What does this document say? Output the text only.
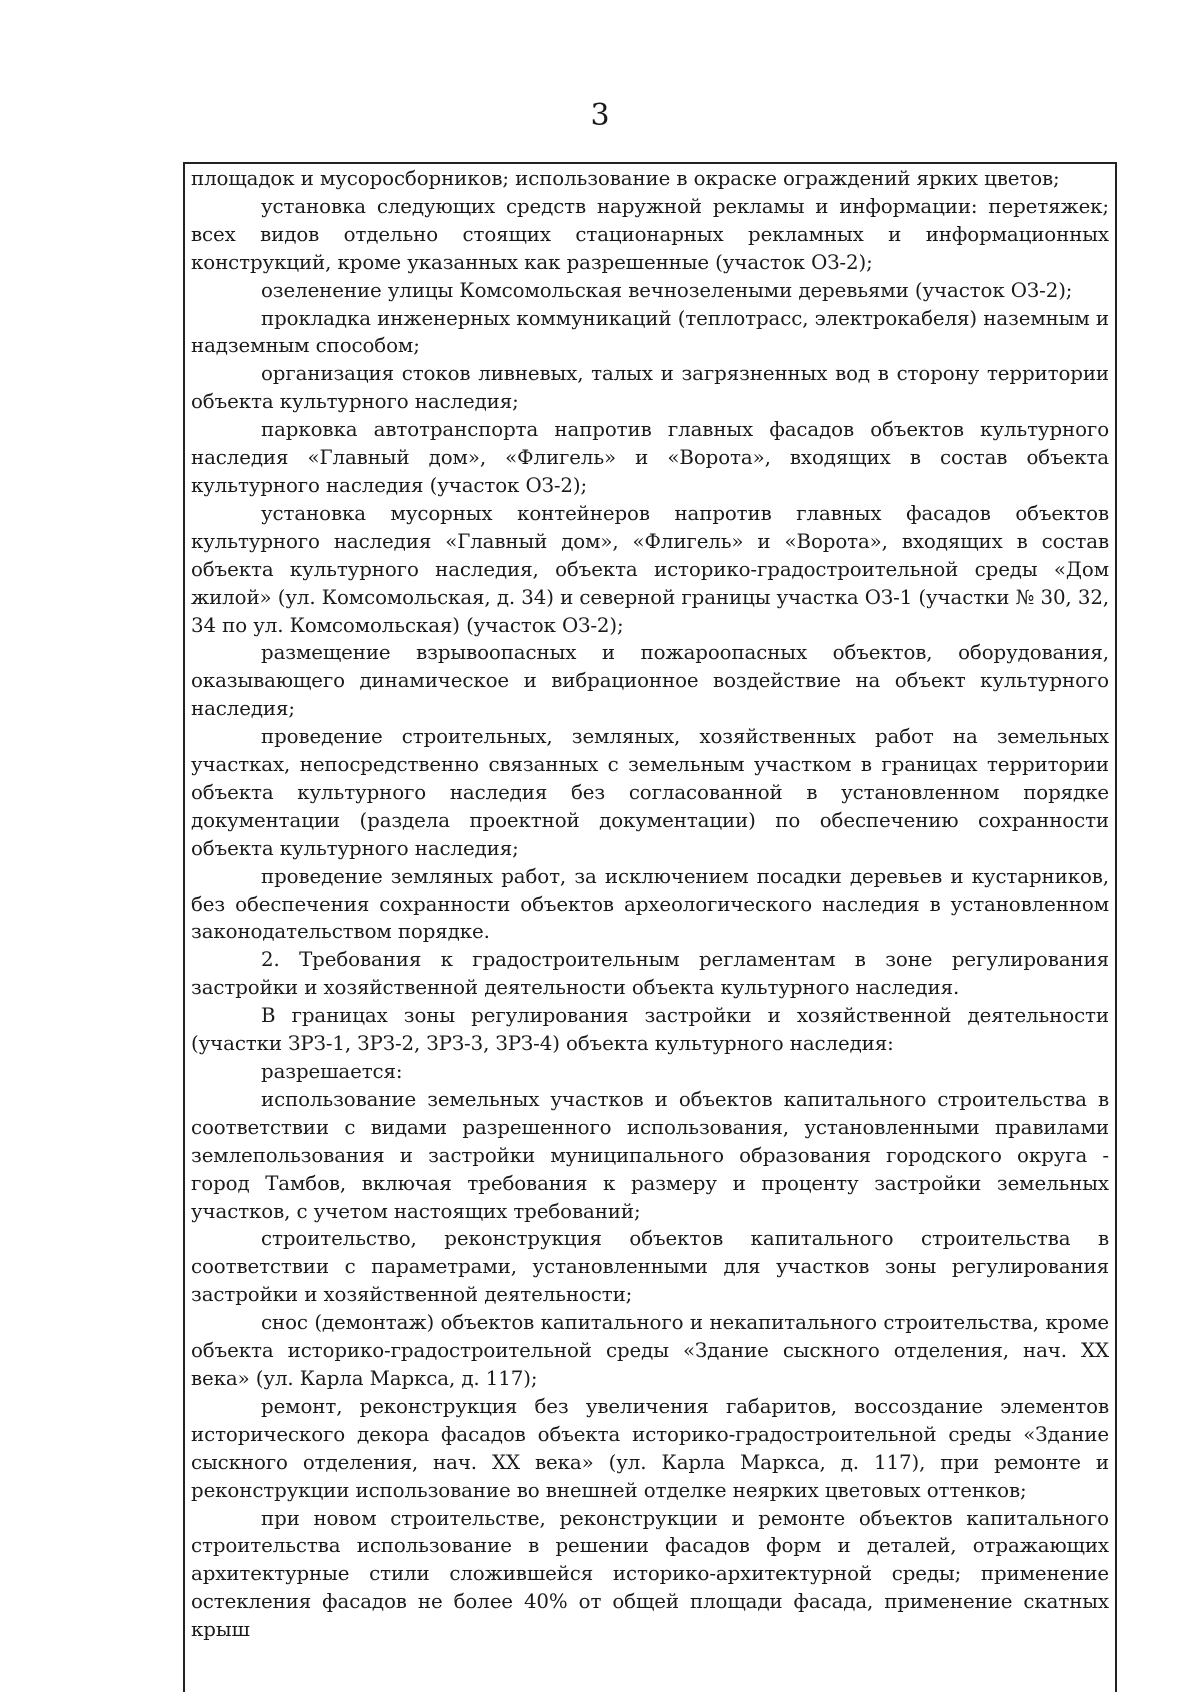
3

площадок и мусоросборников; использование в окраске ограждений ярких цветов;

установка следующих средств наружной рекламы и информации: перетяжек; всех видов отдельно стоящих стационарных рекламных и информационных конструкций, кроме указанных как разрешенные (участок ОЗ-2);

озеленение улицы Комсомольская вечнозелеными деревьями (участок ОЗ-2);

прокладка инженерных коммуникаций (теплотрасс, электрокабеля) наземным и надземным способом;

организация стоков ливневых, талых и загрязненных вод в сторону территории объекта культурного наследия;

парковка автотранспорта напротив главных фасадов объектов культурного наследия «Главный дом», «Флигель» и «Ворота», входящих в состав объекта культурного наследия (участок ОЗ-2);

установка мусорных контейнеров напротив главных фасадов объектов культурного наследия «Главный дом», «Флигель» и «Ворота», входящих в состав объекта культурного наследия, объекта историко-градостроительной среды «Дом жилой» (ул. Комсомольская, д. 34) и северной границы участка ОЗ-1 (участки № 30, 32, 34 по ул. Комсомольская) (участок ОЗ-2);

размещение взрывоопасных и пожароопасных объектов, оборудования, оказывающего динамическое и вибрационное воздействие на объект культурного наследия;

проведение строительных, земляных, хозяйственных работ на земельных участках, непосредственно связанных с земельным участком в границах территории объекта культурного наследия без согласованной в установленном порядке документации (раздела проектной документации) по обеспечению сохранности объекта культурного наследия;

проведение земляных работ, за исключением посадки деревьев и кустарников, без обеспечения сохранности объектов археологического наследия в установленном законодательством порядке.

2. Требования к градостроительным регламентам в зоне регулирования застройки и хозяйственной деятельности объекта культурного наследия.

В границах зоны регулирования застройки и хозяйственной деятельности (участки ЗРЗ-1, ЗРЗ-2, ЗРЗ-3, ЗРЗ-4) объекта культурного наследия:

разрешается:

использование земельных участков и объектов капитального строительства в соответствии с видами разрешенного использования, установленными правилами землепользования и застройки муниципального образования городского округа - город Тамбов, включая требования к размеру и проценту застройки земельных участков, с учетом настоящих требований;

строительство, реконструкция объектов капитального строительства в соответствии с параметрами, установленными для участков зоны регулирования застройки и хозяйственной деятельности;

снос (демонтаж) объектов капитального и некапитального строительства, кроме объекта историко-градостроительной среды «Здание сыскного отделения, нач. XX века» (ул. Карла Маркса, д. 117);

ремонт, реконструкция без увеличения габаритов, воссоздание элементов исторического декора фасадов объекта историко-градостроительной среды «Здание сыскного отделения, нач. XX века» (ул. Карла Маркса, д. 117), при ремонте и реконструкции использование во внешней отделке неярких цветовых оттенков;

при новом строительстве, реконструкции и ремонте объектов капитального строительства использование в решении фасадов форм и деталей, отражающих архитектурные стили сложившейся историко-архитектурной среды; применение остекления фасадов не более 40% от общей площади фасада, применение скатных крыш
